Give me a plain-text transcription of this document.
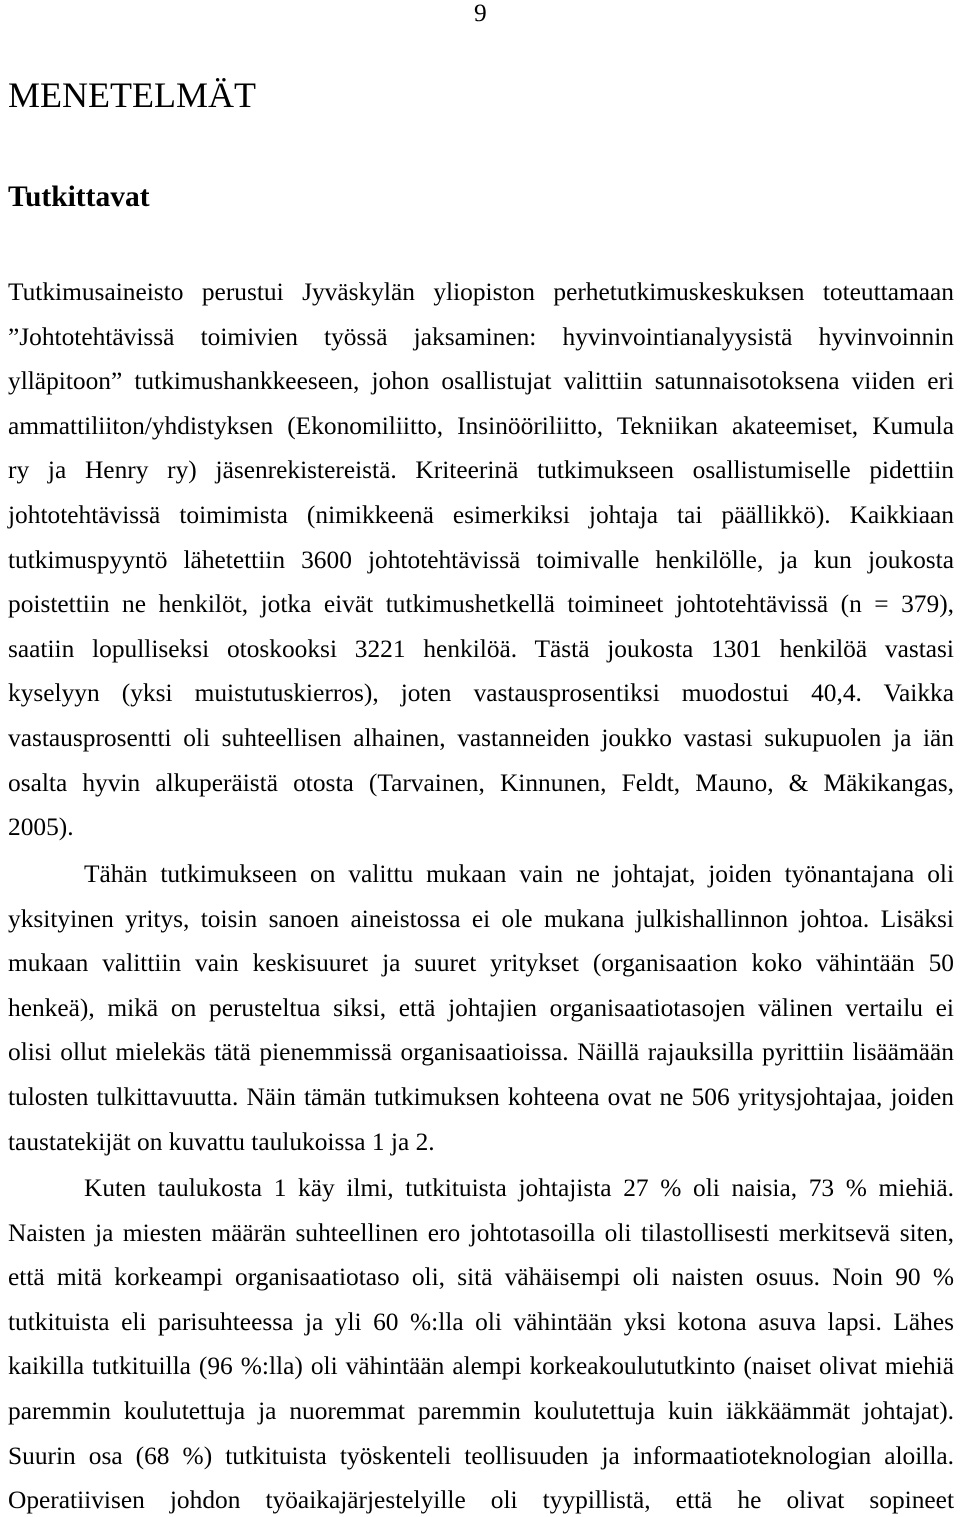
9
MENETELMÄT
Tutkittavat
Tutkimusaineisto perustui Jyväskylän yliopiston perhetutkimuskeskuksen toteuttamaan
”Johtotehtävissä toimivien työssä jaksaminen: hyvinvointianalyysistä hyvinvoinnin
ylläpitoon” tutkimushankkeeseen, johon osallistujat valittiin satunnaisotoksena viiden eri
ammattiliiton/yhdistyksen (Ekonomiliitto, Insinööriliitto, Tekniikan akateemiset, Kumula
ry ja Henry ry) jäsenrekistereistä. Kriteerinä tutkimukseen osallistumiselle pidettiin
johtotehtävissä toimimista (nimikkeenä esimerkiksi johtaja tai päällikkö). Kaikkiaan
tutkimuspyyntö lähetettiin 3600 johtotehtävissä toimivalle henkilölle, ja kun joukosta
poistettiin ne henkilöt, jotka eivät tutkimushetkellä toimineet johtotehtävissä (n = 379),
saatiin lopulliseksi otoskooksi 3221 henkilöä. Tästä joukosta 1301 henkilöä vastasi
kyselyyn (yksi muistutuskierros), joten vastausprosentiksi muodostui 40,4. Vaikka
vastausprosentti oli suhteellisen alhainen, vastanneiden joukko vastasi sukupuolen ja iän
osalta hyvin alkuperäistä otosta (Tarvainen, Kinnunen, Feldt, Mauno, & Mäkikangas,
2005).
Tähän tutkimukseen on valittu mukaan vain ne johtajat, joiden työnantajana oli
yksityinen yritys, toisin sanoen aineistossa ei ole mukana julkishallinnon johtoa. Lisäksi
mukaan valittiin vain keskisuuret ja suuret yritykset (organisaation koko vähintään 50
henkeä), mikä on perusteltua siksi, että johtajien organisaatiotasojen välinen vertailu ei
olisi ollut mielekäs tätä pienemmissä organisaatioissa. Näillä rajauksilla pyrittiin lisäämään
tulosten tulkittavuutta. Näin tämän tutkimuksen kohteena ovat ne 506 yritysjohtajaa, joiden
taustatekijät on kuvattu taulukoissa 1 ja 2.
Kuten taulukosta 1 käy ilmi, tutkituista johtajista 27 % oli naisia, 73 % miehiä.
Naisten ja miesten määrän suhteellinen ero johtotasoilla oli tilastollisesti merkitsevä siten,
että mitä korkeampi organisaatiotaso oli, sitä vähäisempi oli naisten osuus. Noin 90 %
tutkituista eli parisuhteessa ja yli 60 %:lla oli vähintään yksi kotona asuva lapsi. Lähes
kaikilla tutkituilla (96 %:lla) oli vähintään alempi korkeakoulututkinto (naiset olivat miehiä
paremmin koulutettuja ja nuoremmat paremmin koulutettuja kuin iäkkäämmät johtajat).
Suurin osa (68 %) tutkituista työskenteli teollisuuden ja informaatioteknologian aloilla.
Operatiivisen johdon työaikajärjestelyille oli tyypillistä, että he olivat sopineet
